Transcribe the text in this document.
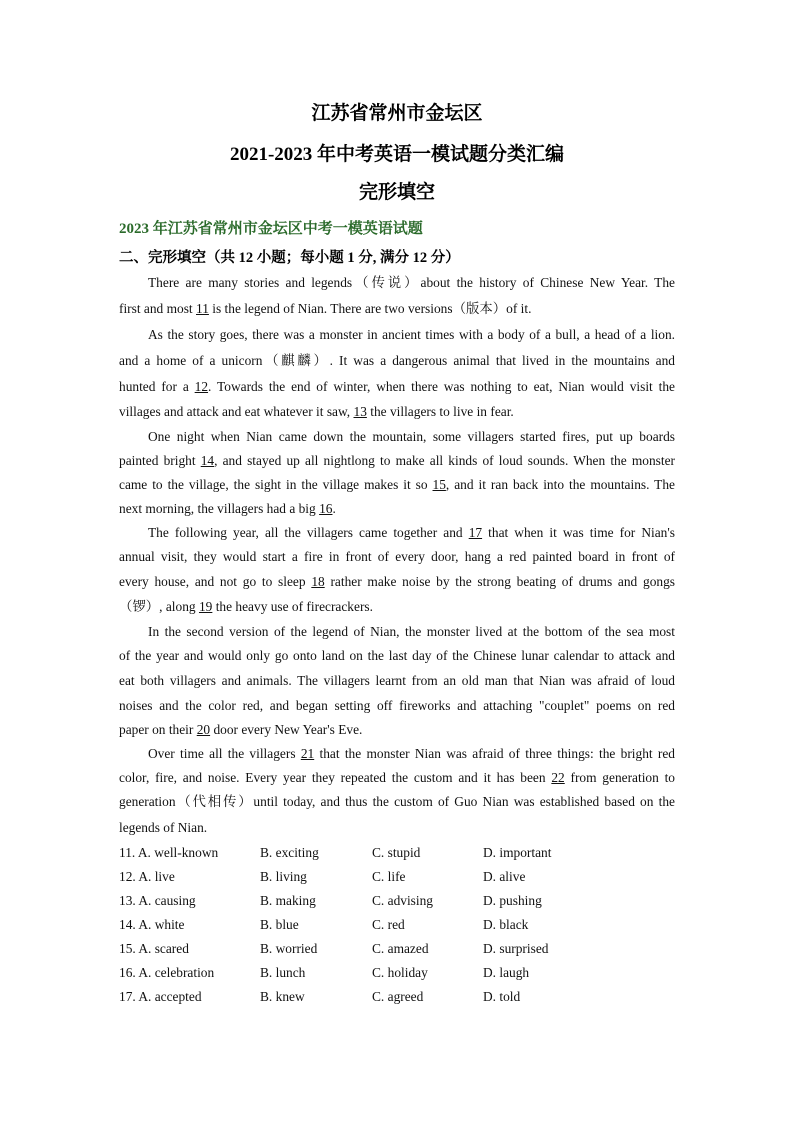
江苏省常州市金坛区
2021-2023 年中考英语一模试题分类汇编
完形填空
2023 年江苏省常州市金坛区中考一模英语试题
二、完形填空（共 12 小题；每小题 1 分, 满分 12 分）
There are many stories and legends（传说）about the history of Chinese New Year. The
first and most 11 is the legend of Nian. There are two versions（版本）of it.
As the story goes, there was a monster in ancient times with a body of a bull, a head of a lion.
and a home of a unicorn（麒麟）. It was a dangerous animal that lived in the mountains and
hunted for a 12. Towards the end of winter, when there was nothing to eat, Nian would visit the
villages and attack and eat whatever it saw, 13 the villagers to live in fear.
One night when Nian came down the mountain, some villagers started fires, put up boards
painted bright 14, and stayed up all nightlong to make all kinds of loud sounds. When the monster
came to the village, the sight in the village makes it so 15, and it ran back into the mountains. The
next morning, the villagers had a big 16.
The following year, all the villagers came together and 17 that when it was time for Nian's
annual visit, they would start a fire in front of every door, hang a red painted board in front of
every house, and not go to sleep 18 rather make noise by the strong beating of drums and gongs
（锣）, along 19 the heavy use of firecrackers.
In the second version of the legend of Nian, the monster lived at the bottom of the sea most
of the year and would only go onto land on the last day of the Chinese lunar calendar to attack and
eat both villagers and animals. The villagers learnt from an old man that Nian was afraid of loud
noises and the color red, and began setting off fireworks and attaching "couplet" poems on red
paper on their 20 door every New Year's Eve.
Over time all the villagers 21 that the monster Nian was afraid of three things: the bright red
color, fire, and noise. Every year they repeated the custom and it has been 22 from generation to
generation（代相传）until today, and thus the custom of Guo Nian was established based on the
legends of Nian.
11. A. well-known	B. exciting	C. stupid	D. important
12. A. live	B. living	C. life	D. alive
13. A. causing	B. making	C. advising	D. pushing
14. A. white	B. blue	C. red	D. black
15. A. scared	B. worried	C. amazed	D. surprised
16. A. celebration	B. lunch	C. holiday	D. laugh
17. A. accepted	B. knew	C. agreed	D. told
